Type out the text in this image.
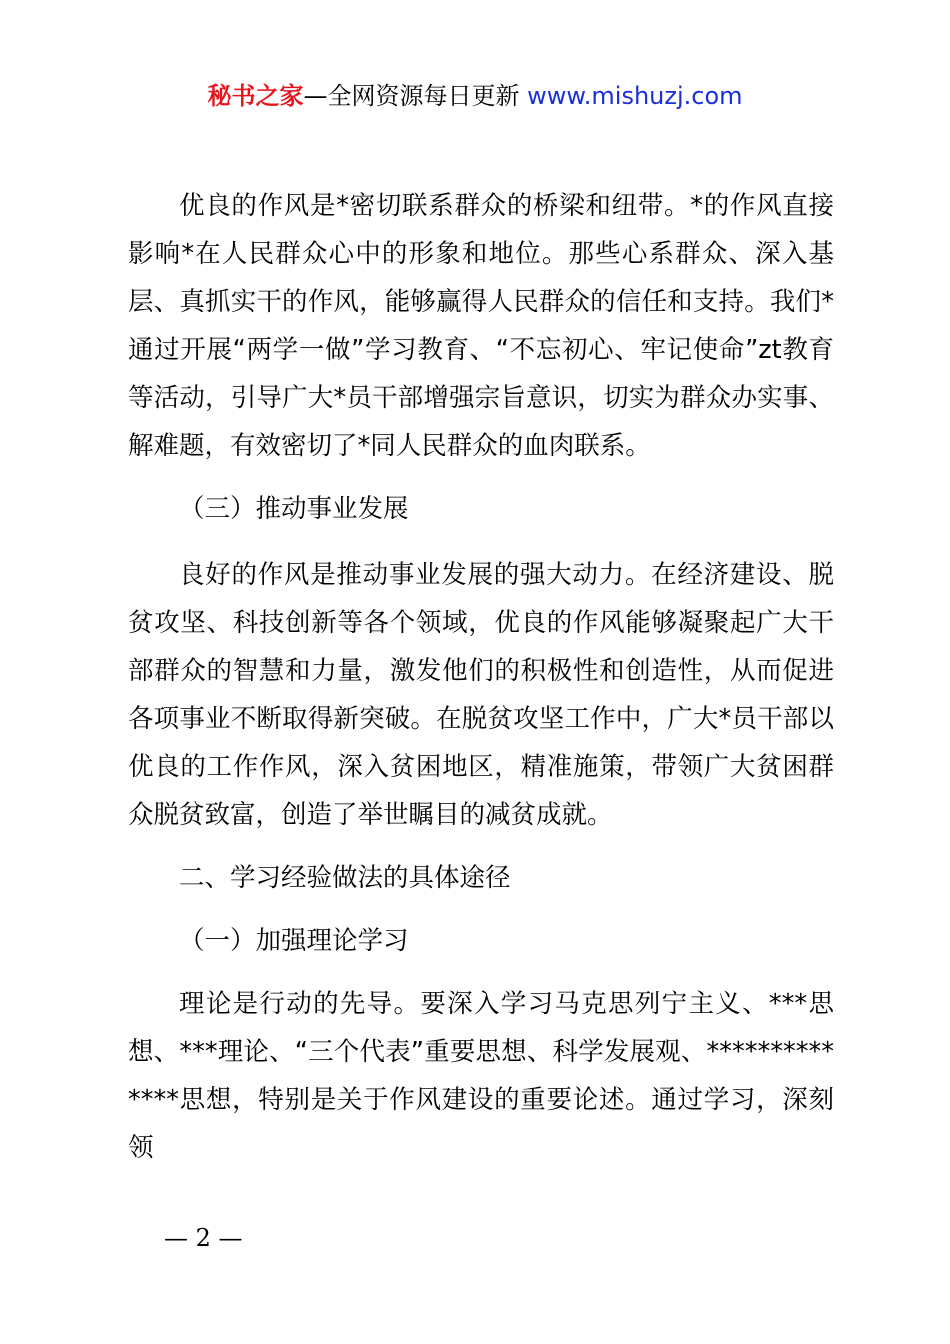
秘书之家—全网资源每日更新 www.mishuzj.com

优良的作风是*密切联系群众的桥梁和纽带。*的作风直接影响*在人民群众心中的形象和地位。那些心系群众、深入基层、真抓实干的作风，能够赢得人民群众的信任和支持。我们*通过开展“两学一做”学习教育、“不忘初心、牢记使命”zt教育等活动，引导广大*员干部增强宗旨意识，切实为群众办实事、解难题，有效密切了*同人民群众的血肉联系。

（三）推动事业发展

良好的作风是推动事业发展的强大动力。在经济建设、脱贫攻坚、科技创新等各个领域，优良的作风能够凝聚起广大干部群众的智慧和力量，激发他们的积极性和创造性，从而促进各项事业不断取得新突破。在脱贫攻坚工作中，广大*员干部以优良的工作作风，深入贫困地区，精准施策，带领广大贫困群众脱贫致富，创造了举世瞩目的减贫成就。

二、学习经验做法的具体途径

（一）加强理论学习

理论是行动的先导。要深入学习马克思列宁主义、***思想、***理论、“三个代表”重要思想、科学发展观、**************思想，特别是关于作风建设的重要论述。通过学习，深刻领

— 2 —
